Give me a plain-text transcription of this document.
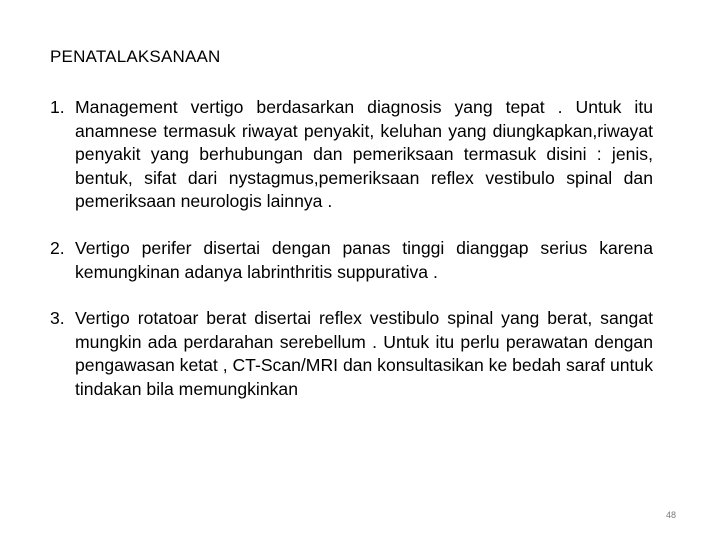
PENATALAKSANAAN
1. Management vertigo berdasarkan diagnosis yang tepat . Untuk itu anamnese termasuk riwayat penyakit, keluhan yang diungkapkan,riwayat penyakit yang berhubungan dan pemeriksaan termasuk disini : jenis, bentuk, sifat dari nystagmus,pemeriksaan reflex vestibulo spinal dan pemeriksaan neurologis lainnya .
2. Vertigo perifer disertai dengan panas tinggi dianggap serius karena kemungkinan adanya labrinthritis suppurativa .
3. Vertigo rotatoar berat disertai reflex vestibulo spinal yang berat, sangat mungkin ada perdarahan serebellum . Untuk itu perlu perawatan dengan pengawasan ketat , CT-Scan/MRI dan konsultasikan ke bedah saraf untuk tindakan bila memungkinkan
48
